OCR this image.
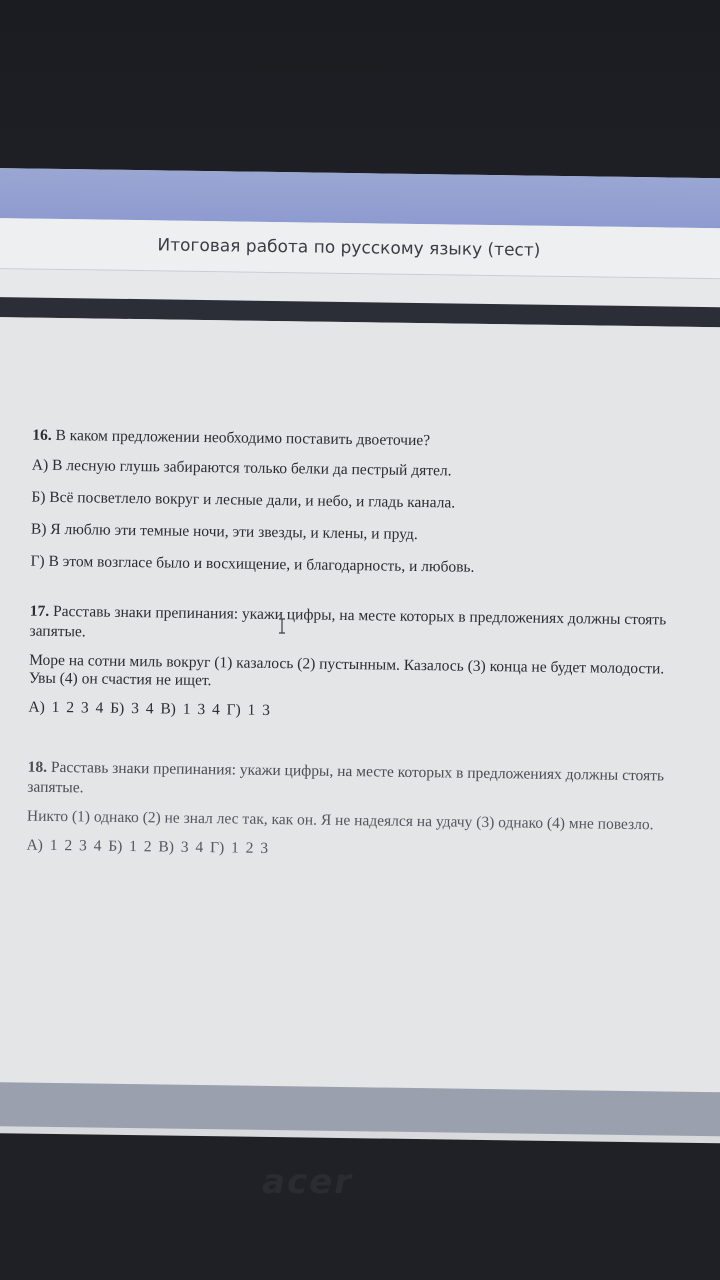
Итоговая работа по русскому языку (тест)

16. В каком предложении необходимо поставить двоеточие?

А) В лесную глушь забираются только белки да пестрый дятел.

Б) Всё посветлело вокруг и лесные дали, и небо, и гладь канала.

В) Я люблю эти темные ночи, эти звезды, и клены, и пруд.

Г) В этом возгласе было и восхищение, и благодарность, и любовь.

17. Расставь знаки препинания: укажи цифры, на месте которых в предложениях должны стоять запятые.

Море на сотни миль вокруг (1) казалось (2) пустынным. Казалось (3) конца не будет молодости. Увы (4) он счастия не ищет.

А) 1 2 3 4 Б) 3 4 В) 1 3 4 Г) 1 3

18. Расставь знаки препинания: укажи цифры, на месте которых в предложениях должны стоять запятые.

Никто (1) однако (2) не знал лес так, как он. Я не надеялся на удачу (3) однако (4) мне повезло.

А) 1 2 3 4 Б) 1 2 В) 3 4 Г) 1 2 3

acer
